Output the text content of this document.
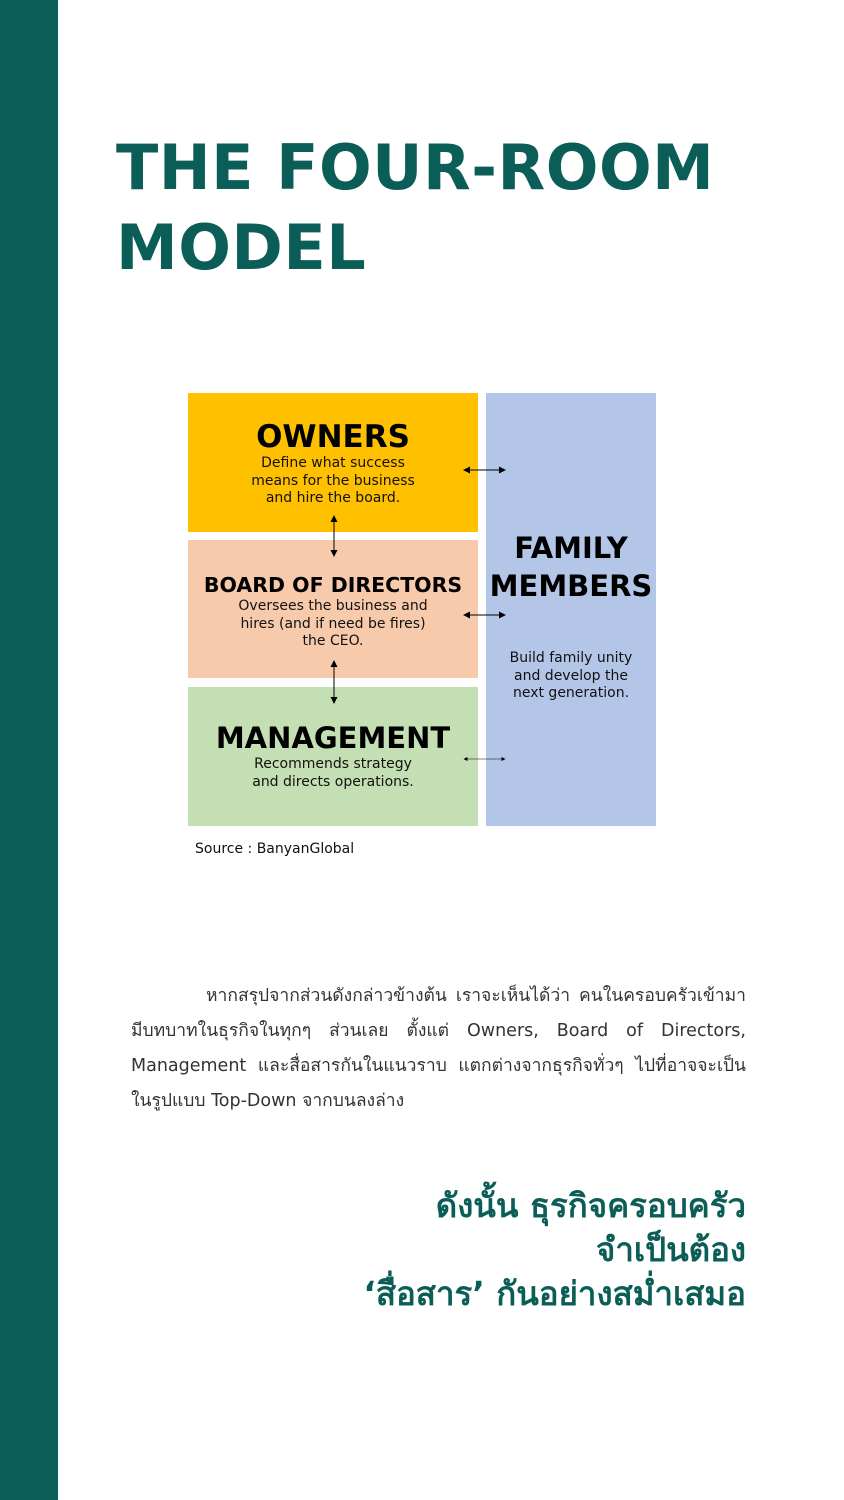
THE FOUR-ROOM MODEL
OWNERS
Define what success
means for the business
and hire the board.
BOARD OF DIRECTORS
Oversees the business and
hires (and if need be fires)
the CEO.
MANAGEMENT
Recommends strategy
and directs operations.
FAMILY
MEMBERS
Build family unity
and develop the
next generation.

Source : BanyanGlobal

หากสรุปจากส่วนดังกล่าวข้างต้น เราจะเห็นได้ว่า คนในครอบครัวเข้ามามีบทบาทในธุรกิจในทุกๆ ส่วนเลย ตั้งแต่ Owners, Board of Directors, Management และสื่อสารกันในแนวราบ แตกต่างจากธุรกิจทั่วๆ ไปที่อาจจะเป็นในรูปแบบ Top-Down จากบนลงล่าง

ดังนั้น ธุรกิจครอบครัว
จำเป็นต้อง
‘สื่อสาร’ กันอย่างสม่ำเสมอ
